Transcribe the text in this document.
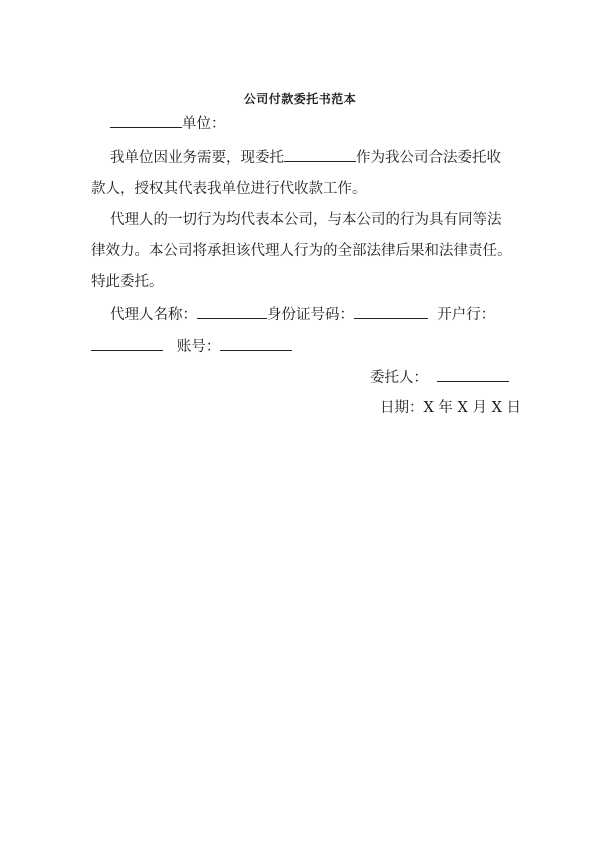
公司付款委托书范本
单位：
我单位因业务需要，现委托	作为我公司合法委托收
款人，授权其代表我单位进行代收款工作。
代理人的一切行为均代表本公司，与本公司的行为具有同等法
律效力。本公司将承担该代理人行为的全部法律后果和法律责任。
特此委托。
代理人名称：	身份证号码：	开户行：
账号：
委托人：
日期：X 年 X 月 X 日
